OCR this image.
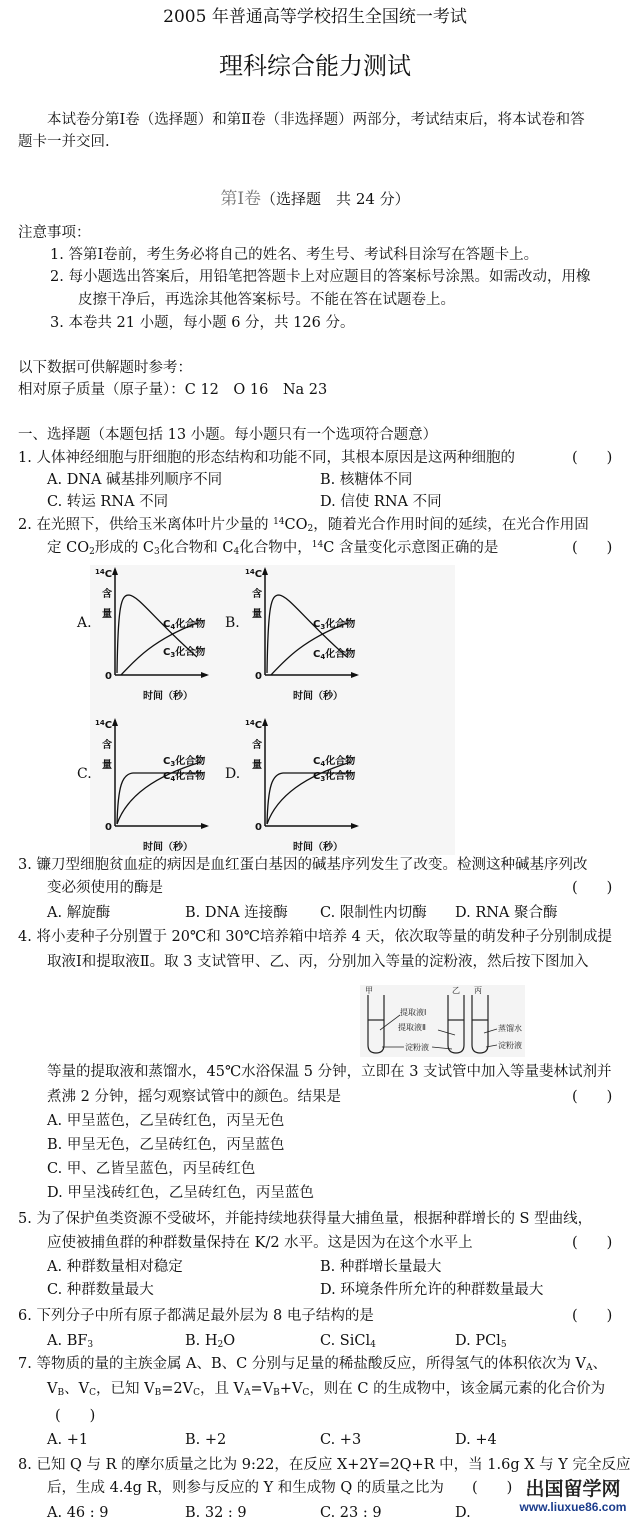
2005 年普通高等学校招生全国统一考试
理科综合能力测试
本试卷分第Ⅰ卷（选择题）和第Ⅱ卷（非选择题）两部分，考试结束后，将本试卷和答
题卡一并交回.
第Ⅰ卷（选择题　共 24 分）
注意事项：
1. 答第Ⅰ卷前，考生务必将自己的姓名、考生号、考试科目涂写在答题卡上。
2. 每小题选出答案后，用铅笔把答题卡上对应题目的答案标号涂黑。如需改动，用橡
皮擦干净后，再选涂其他答案标号。不能在答在试题卷上。
3. 本卷共 21 小题，每小题 6 分，共 126 分。
以下数据可供解题时参考：
相对原子质量（原子量）：C 12　O 16　Na 23
一、选择题（本题包括 13 小题。每小题只有一个选项符合题意）
1. 人体神经细胞与肝细胞的形态结构和功能不同，其根本原因是这两种细胞的	(　　)
A. DNA 碱基排列顺序不同	B. 核糖体不同
C. 转运 RNA 不同	D. 信使 RNA 不同
2. 在光照下，供给玉米离体叶片少量的 $^{14}CO_2$，随着光合作用时间的延续，在光合作用固
定 $CO_2$形成的 $C_3$化合物和 $C_4$化合物中，$^{14}$C 含量变化示意图正确的是	(　　)
$^{14}$C
含
量
0
时间（秒）
A.	$C_4$化合物
$C_3$化合物
$^{14}$C
含
量
0
时间（秒）
B.	$C_3$化合物
$C_4$化合物
$^{14}$C
含
量
0
时间（秒）
C.
$C_3$化合物
$C_4$化合物
$^{14}$C
含
量
0
时间（秒）
D.
$C_4$化合物
$C_3$化合物
3. 镰刀型细胞贫血症的病因是血红蛋白基因的碱基序列发生了改变。检测这种碱基序列改
变必须使用的酶是	(　　)
A. 解旋酶	B. DNA 连接酶 C. 限制性内切酶 D. RNA 聚合酶
4. 将小麦种子分别置于 20℃和 30℃培养箱中培养 4 天，依次取等量的萌发种子分别制成提
取液Ⅰ和提取液Ⅱ。取 3 支试管甲、乙、丙，分别加入等量的淀粉液，然后按下图加入
甲	乙 丙
提取液Ⅰ
提取液Ⅱ
淀粉液
蒸馏水
淀粉液
等量的提取液和蒸馏水，45℃水浴保温 5 分钟，立即在 3 支试管中加入等量斐林试剂并
煮沸 2 分钟，摇匀观察试管中的颜色。结果是	(　　)
A. 甲呈蓝色，乙呈砖红色，丙呈无色
B. 甲呈无色，乙呈砖红色，丙呈蓝色
C. 甲、乙皆呈蓝色，丙呈砖红色
D. 甲呈浅砖红色，乙呈砖红色，丙呈蓝色
5. 为了保护鱼类资源不受破坏，并能持续地获得量大捕鱼量，根据种群增长的 S 型曲线，
应使被捕鱼群的种群数量保持在 K/2 水平。这是因为在这个水平上	(　　)
A. 种群数量相对稳定	B. 种群增长量最大
C. 种群数量最大	D. 环境条件所允许的种群数量最大
6. 下列分子中所有原子都满足最外层为 8 电子结构的是	(　　)
A. $BF_3$	B. $H_2O$	C. SiCl$_4$	D. PCl$_5$
7. 等物质的量的主族金属 A、B、C 分别与足量的稀盐酸反应，所得氢气的体积依次为 $V_A$、
$V_B$、$V_C$，已知 $V_B=2V_C$，且 $V_A=V_B+V_C$，则在 C 的生成物中，该金属元素的化合价为
(　　)
A. +1	B. +2	C. +3	D. +4
8. 已知 Q 与 R 的摩尔质量之比为 9:22，在反应 X+2Y=2Q+R 中，当 1.6g X 与 Y 完全反应
后，生成 4.4g R，则参与反应的 Y 和生成物 Q 的质量之比为 (　　)
A. 46 : 9	B. 32 : 9	C. 23 : 9	D.
出国留学网
www.liuxue86.com
